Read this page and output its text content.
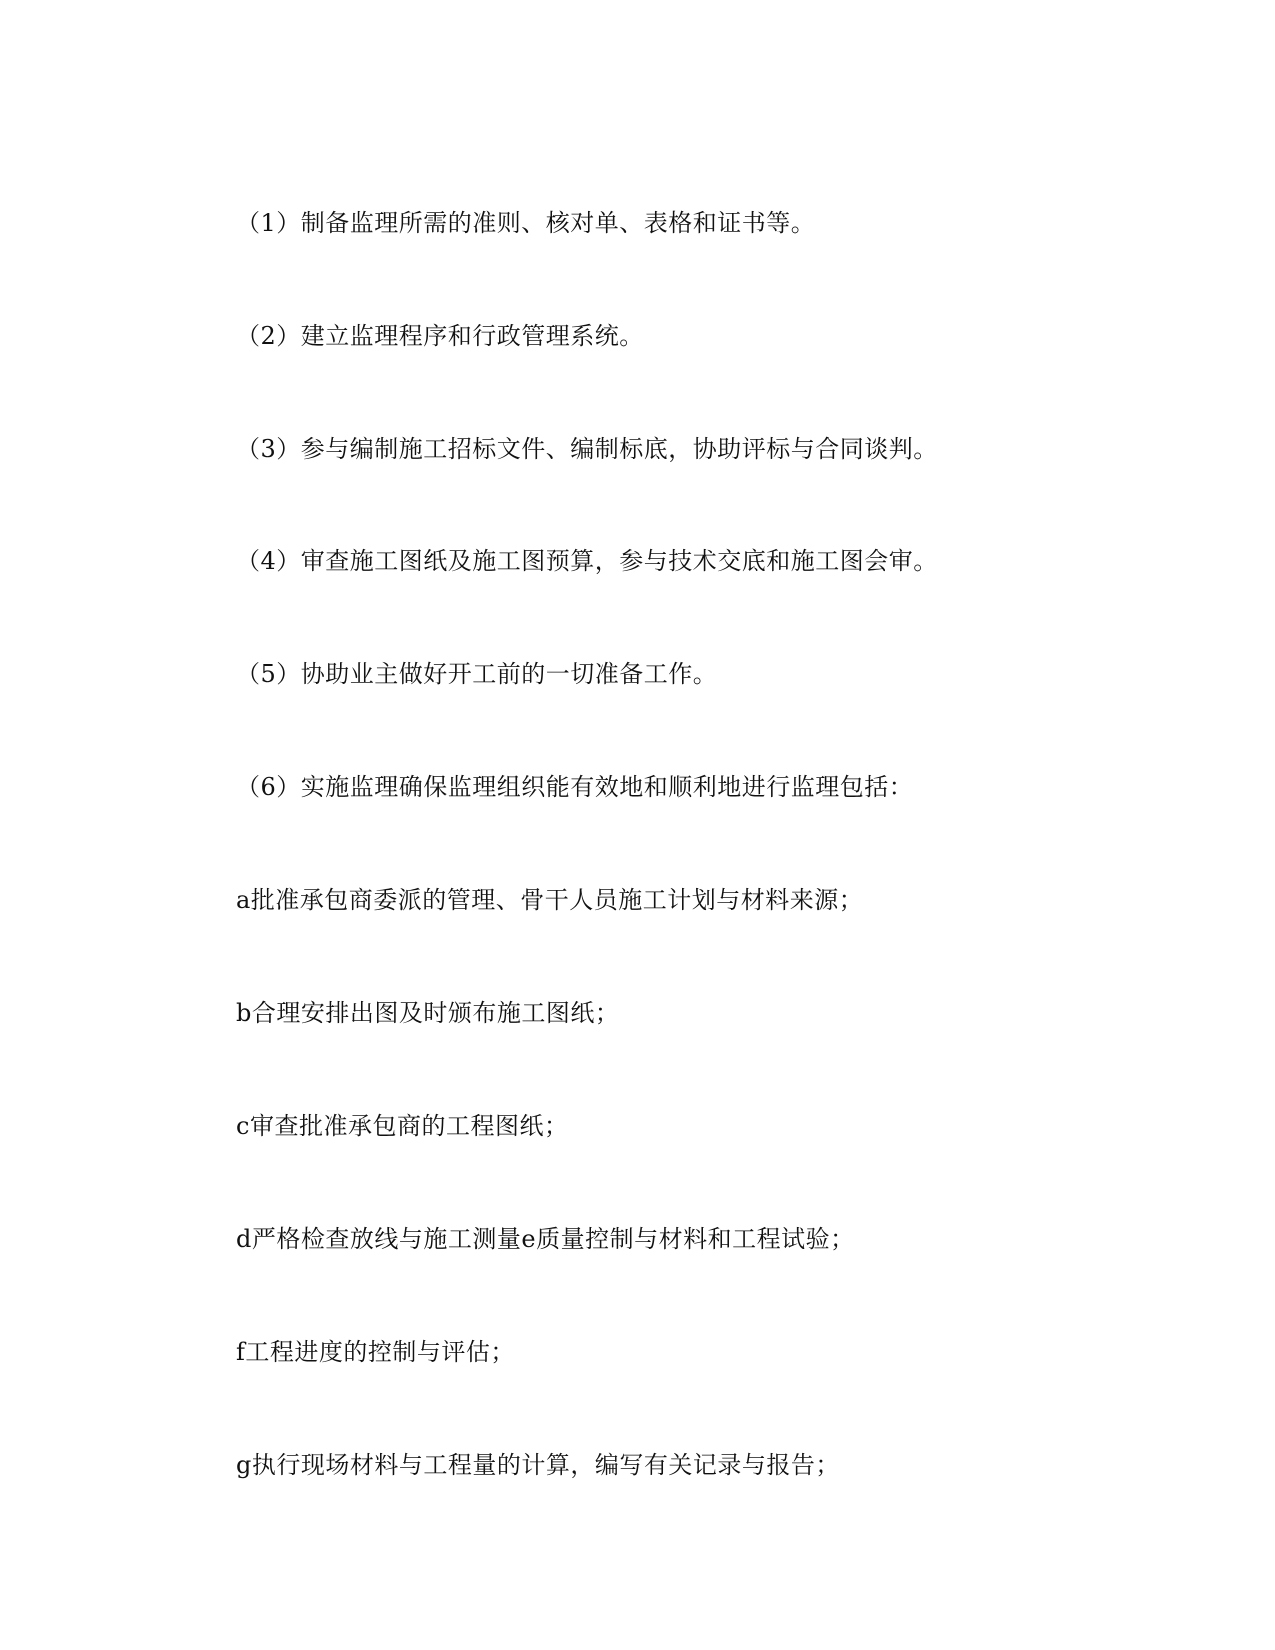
（1）制备监理所需的准则、核对单、表格和证书等。
（2）建立监理程序和行政管理系统。
（3）参与编制施工招标文件、编制标底，协助评标与合同谈判。
（4）审查施工图纸及施工图预算，参与技术交底和施工图会审。
（5）协助业主做好开工前的一切准备工作。
（6）实施监理确保监理组织能有效地和顺利地进行监理包括：
a批准承包商委派的管理、骨干人员施工计划与材料来源；
b合理安排出图及时颁布施工图纸；
c审查批准承包商的工程图纸；
d严格检查放线与施工测量e质量控制与材料和工程试验；
f工程进度的控制与评估；
g执行现场材料与工程量的计算，编写有关记录与报告；
